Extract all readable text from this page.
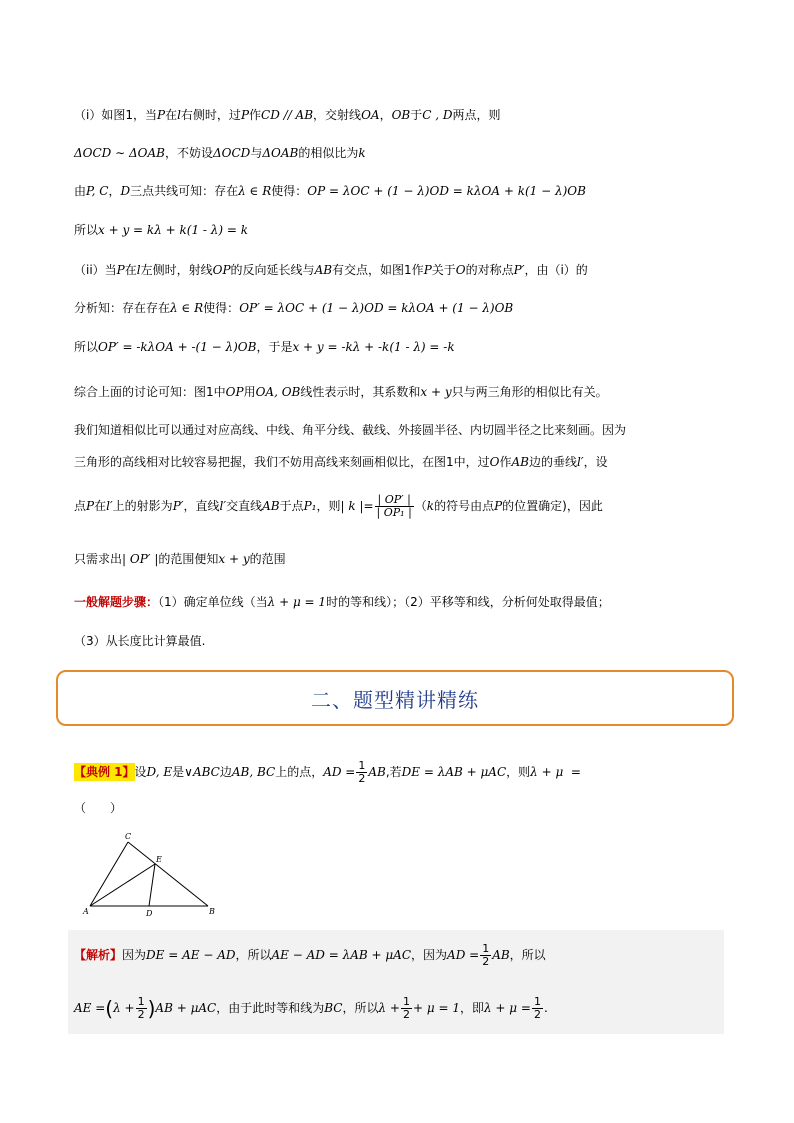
（i）如图1，当P在l右侧时，过P作CD // AB，交射线OA，OB于C , D两点，则
ΔOCD ∼ ΔOAB，不妨设ΔOCD与ΔOAB的相似比为k
由P, C，D三点共线可知：存在λ ∈ R使得：OP = λOC + (1 − λ)OD = kλOA + k(1 − λ)OB
所以x + y = kλ + k(1 - λ) = k
（ii）当P在l左侧时，射线OP的反向延长线与AB有交点，如图1作P关于O的对称点P′，由（i）的
分析知：存在存在λ ∈ R使得：OP′ = λOC + (1 − λ)OD = kλOA + (1 − λ)OB
所以OP′ = -kλOA + -(1 − λ)OB，于是x + y = -kλ + -k(1 - λ) = -k
综合上面的讨论可知：图1中OP用OA, OB线性表示时，其系数和x + y只与两三角形的相似比有关。
我们知道相似比可以通过对应高线、中线、角平分线、截线、外接圆半径、内切圆半径之比来刻画。因为
三角形的高线相对比较容易把握，我们不妨用高线来刻画相似比，在图1中，过O作AB边的垂线l′，设
点P在l′上的射影为P′，直线l′交直线AB于点P₁，则| k |= $\frac{| OP' |}{\text{| OP₁ |}} (k$的符号由点P的位置确定)，因此
只需求出| OP′ |的范围便知x + y的范围
一般解题步骤：（1）确定单位线（当λ + μ = 1时的等和线）；（2）平移等和线，分析何处取得最值；
（3）从长度比计算最值.
二、题型精讲精练
【典例 1】设D, E是∨ABC边AB, BC上的点，AD = $\frac{1}{2}$ AB,若DE = λAB + μAC，则λ + μ =
（　　）
C
E
A	D	B
【解析】因为DE = AE − AD，所以AE − AD = λAB + μAC，因为AD = $\frac{1}{2}$ AB，所以
AE $=(\lambda + \frac{1}{2} )AB + \mu AC$，由于此时等和线为BC，所以$\lambda + \frac{1}{2} + \mu = 1$，即$\lambda + \mu = \frac{1}{2}$ .
